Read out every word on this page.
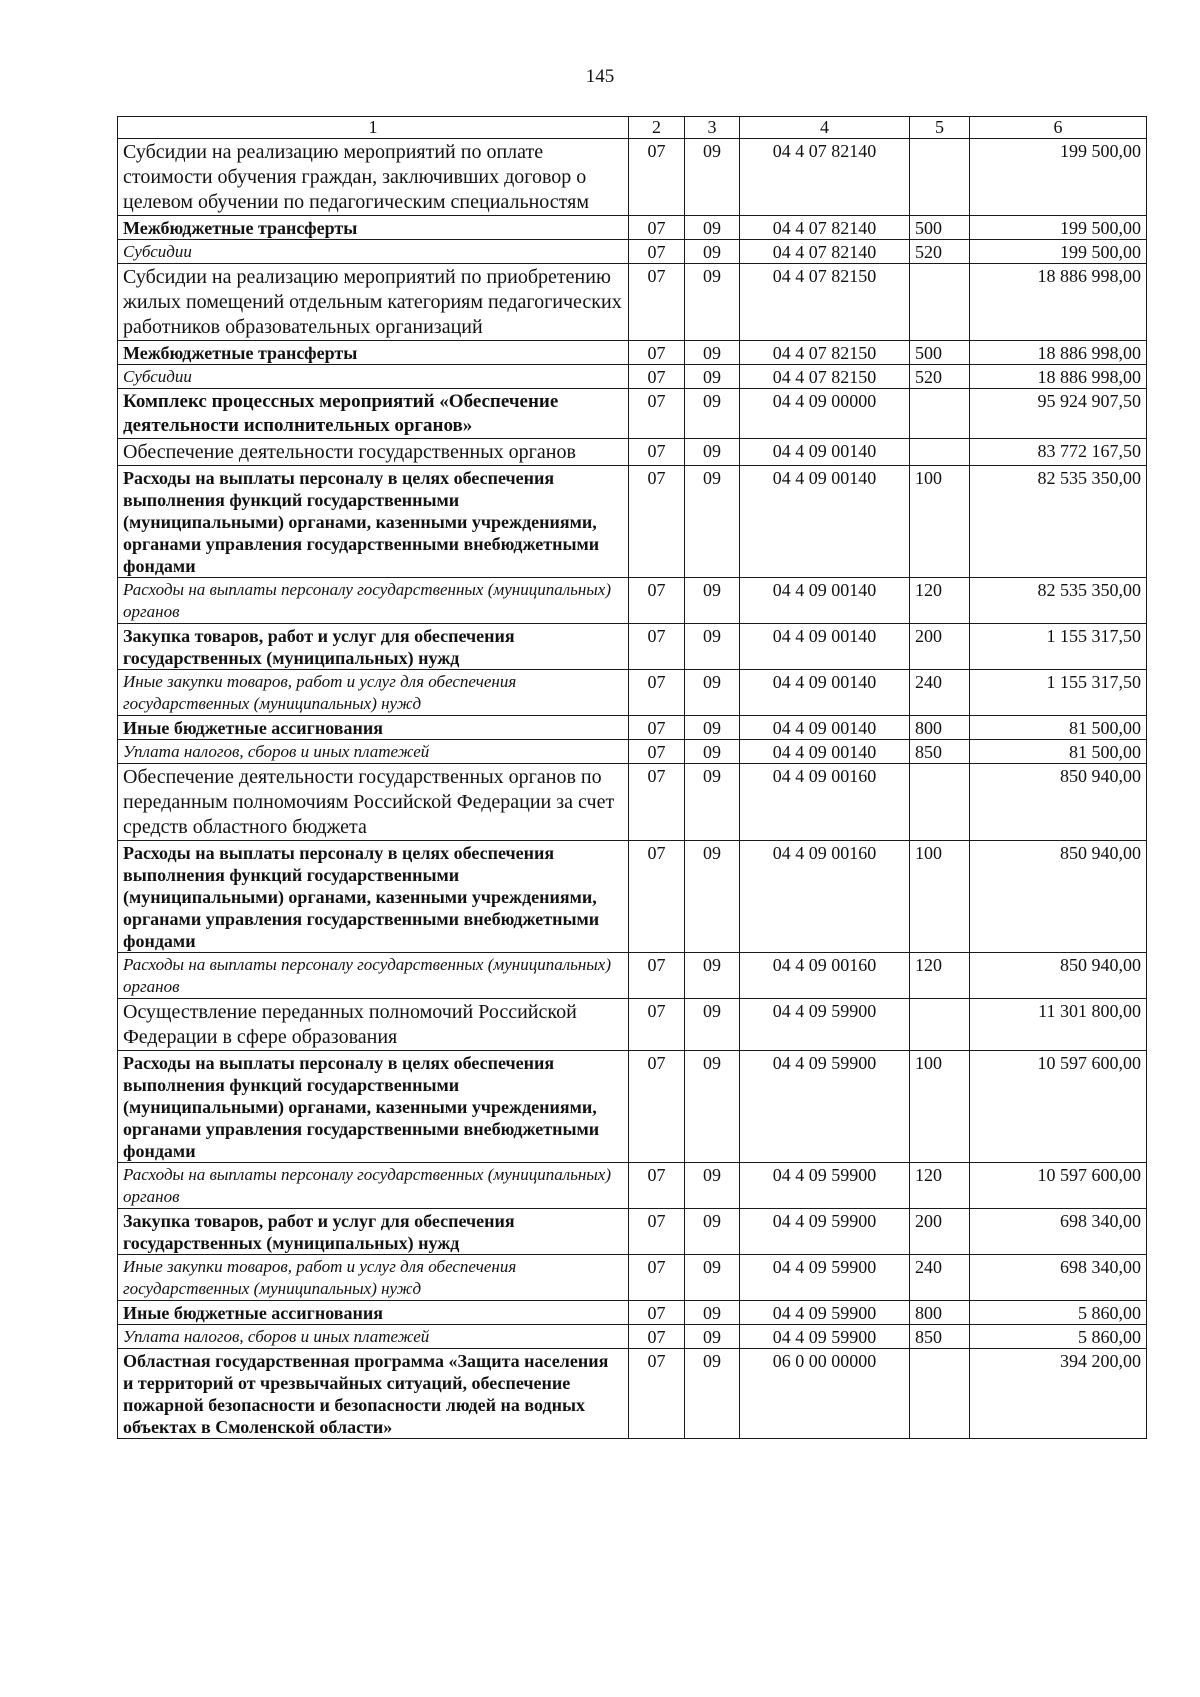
145
1	2	3	4	5	6
Субсидии на реализацию мероприятий по оплате стоимости обучения граждан, заключивших договор о целевом обучении по педагогическим специальностям	07	09	04 4 07 82140		199 500,00
Межбюджетные трансферты	07	09	04 4 07 82140	500	199 500,00
Субсидии	07	09	04 4 07 82140	520	199 500,00
Субсидии на реализацию мероприятий по приобретению жилых помещений отдельным категориям педагогических работников образовательных организаций	07	09	04 4 07 82150		18 886 998,00
Межбюджетные трансферты	07	09	04 4 07 82150	500	18 886 998,00
Субсидии	07	09	04 4 07 82150	520	18 886 998,00
Комплекс процессных мероприятий «Обеспечение деятельности исполнительных органов»	07	09	04 4 09 00000		95 924 907,50
Обеспечение деятельности государственных органов	07	09	04 4 09 00140		83 772 167,50
Расходы на выплаты персоналу в целях обеспечения выполнения функций государственными (муниципальными) органами, казенными учреждениями, органами управления государственными внебюджетными фондами	07	09	04 4 09 00140	100	82 535 350,00
Расходы на выплаты персоналу государственных (муниципальных) органов	07	09	04 4 09 00140	120	82 535 350,00
Закупка товаров, работ и услуг для обеспечения государственных (муниципальных) нужд	07	09	04 4 09 00140	200	1 155 317,50
Иные закупки товаров, работ и услуг для обеспечения государственных (муниципальных) нужд	07	09	04 4 09 00140	240	1 155 317,50
Иные бюджетные ассигнования	07	09	04 4 09 00140	800	81 500,00
Уплата налогов, сборов и иных платежей	07	09	04 4 09 00140	850	81 500,00
Обеспечение деятельности государственных органов по переданным полномочиям Российской Федерации за счет средств областного бюджета	07	09	04 4 09 00160		850 940,00
Расходы на выплаты персоналу в целях обеспечения выполнения функций государственными (муниципальными) органами, казенными учреждениями, органами управления государственными внебюджетными фондами	07	09	04 4 09 00160	100	850 940,00
Расходы на выплаты персоналу государственных (муниципальных) органов	07	09	04 4 09 00160	120	850 940,00
Осуществление переданных полномочий Российской Федерации в сфере образования	07	09	04 4 09 59900		11 301 800,00
Расходы на выплаты персоналу в целях обеспечения выполнения функций государственными (муниципальными) органами, казенными учреждениями, органами управления государственными внебюджетными фондами	07	09	04 4 09 59900	100	10 597 600,00
Расходы на выплаты персоналу государственных (муниципальных) органов	07	09	04 4 09 59900	120	10 597 600,00
Закупка товаров, работ и услуг для обеспечения государственных (муниципальных) нужд	07	09	04 4 09 59900	200	698 340,00
Иные закупки товаров, работ и услуг для обеспечения государственных (муниципальных) нужд	07	09	04 4 09 59900	240	698 340,00
Иные бюджетные ассигнования	07	09	04 4 09 59900	800	5 860,00
Уплата налогов, сборов и иных платежей	07	09	04 4 09 59900	850	5 860,00
Областная государственная программа «Защита населения и территорий от чрезвычайных ситуаций, обеспечение пожарной безопасности и безопасности людей на водных объектах в Смоленской области»	07	09	06 0 00 00000		394 200,00
